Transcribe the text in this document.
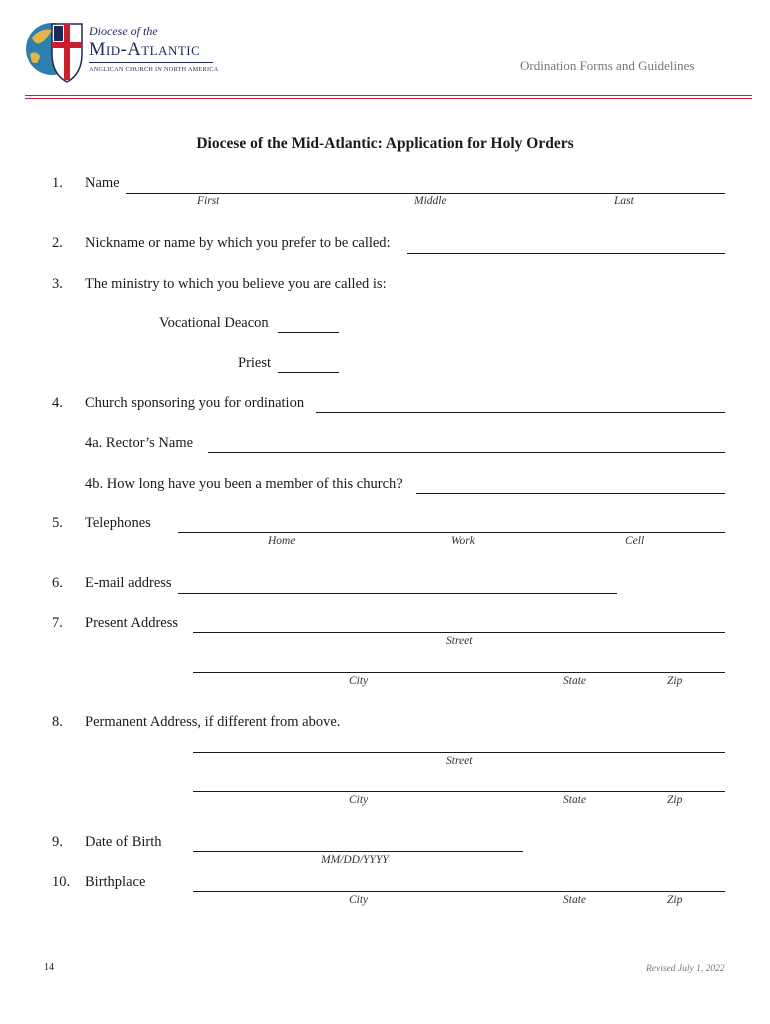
Diocese of the
Mid-Atlantic
ANGLICAN CHURCH IN NORTH AMERICA	Ordination Forms and Guidelines
Diocese of the Mid-Atlantic: Application for Holy Orders
1. Name
First	Middle	Last
2. Nickname or name by which you prefer to be called:
3. The ministry to which you believe you are called is:
Vocational Deacon
Priest
4. Church sponsoring you for ordination
4a. Rector’s Name
4b. How long have you been a member of this church?
5. Telephones
Home	Work	Cell
6. E-mail address
7. Present Address
Street
City	State	Zip
8. Permanent Address, if different from above.
Street
City	State	Zip
9. Date of Birth
MM/DD/YYYY
10. Birthplace
City	State	Zip
14	Revised July 1, 2022
